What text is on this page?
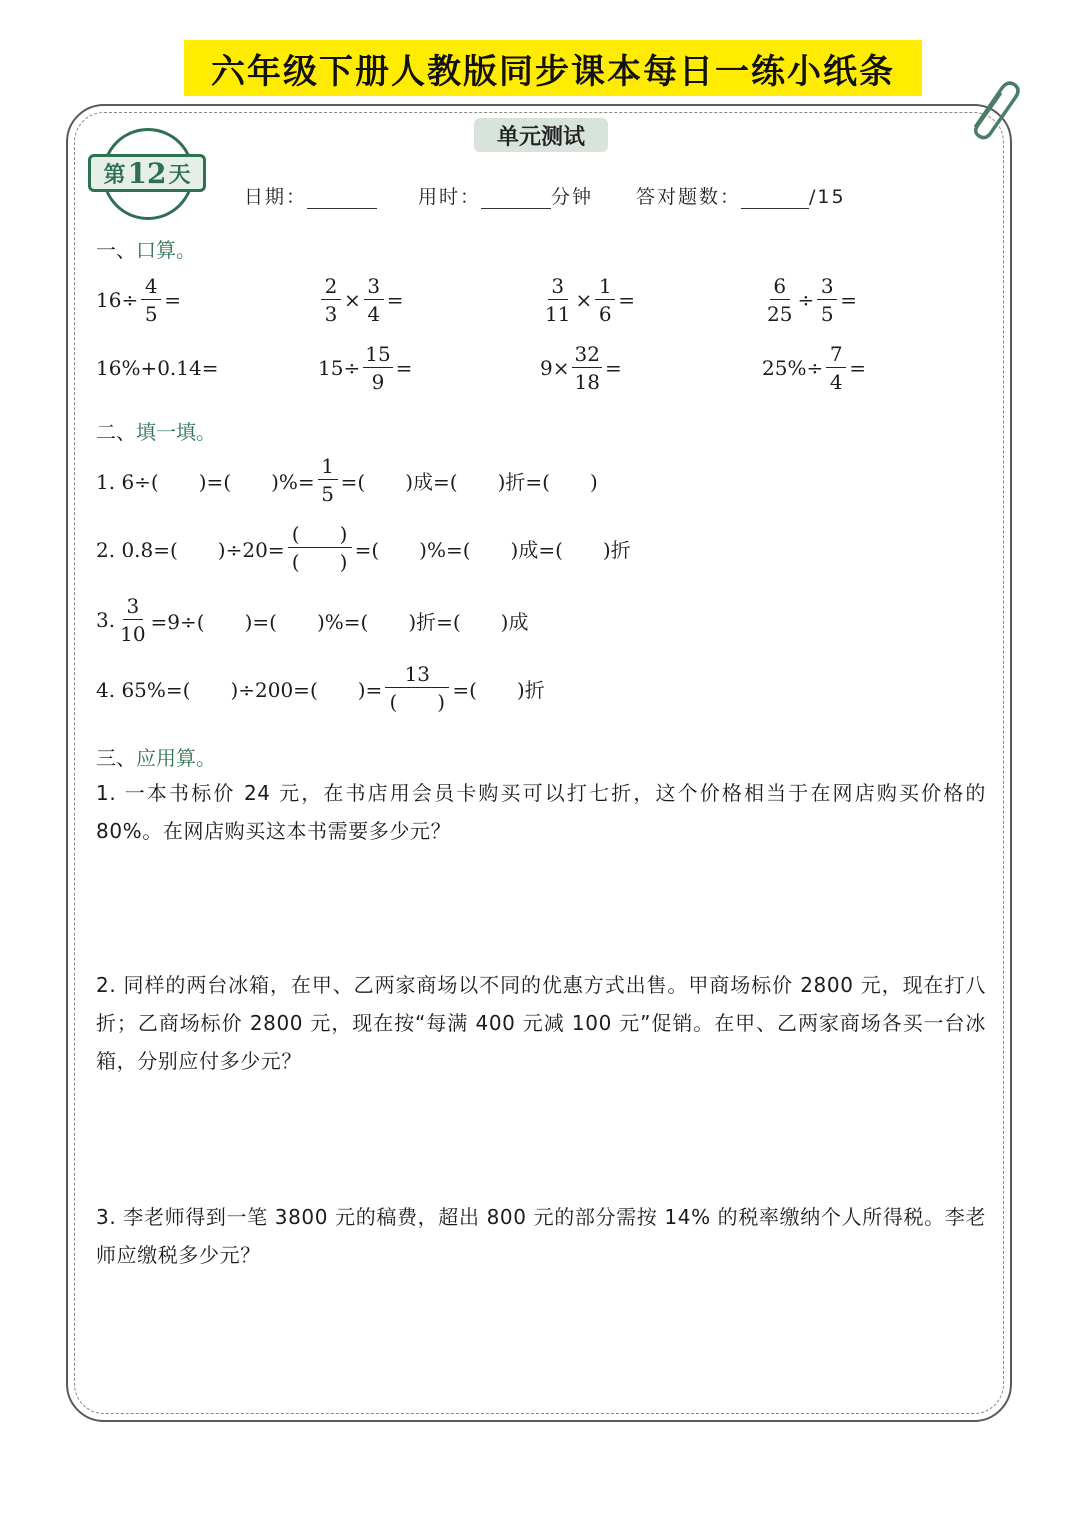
六年级下册人教版同步课本每日一练小纸条
单元测试
第 12 天
日期：	用时：	分钟 答对题数：	/15
一、口算。
$16\div \frac{4}{5}$ =	$\frac{2}{3} \times \frac{3}{4}$ =	$\frac{3}{11} \times \frac{1}{6}$ =	$\frac{6}{25} \div \frac{3}{5}$ =
16%+0.14=	$15\div \frac{15}{9}$ =	$9\times \frac{32}{18}$ =	$25\%\div \frac{7}{4}$ =
二、填一填。
1. 6÷(　　)=(　　)%= $\frac{1}{5}$ =(　　) 成 =(　　) 折 =(　　)
2. 0.8=(　　)$\div 20= \frac{( )}{( )}$ =(　　)%=(　　) 成 =(　　) 折
3. $\frac{3}{10} =9\div$(　　)=(　　)%=(　　) 折 =(　　) 成
4. 65%=(　　)÷200=(　　)= $\frac{13}{( )}$ =(　　) 折
三、应用算。
1. 一本书标价 24 元，在书店用会员卡购买可以打七折，这个价格相当于在网店购买价格的 80%。在网店购买这本书需要多少元？
2. 同样的两台冰箱，在甲、乙两家商场以不同的优惠方式出售。甲商场标价 2800 元，现在打八折；乙商场标价 2800 元，现在按“每满 400 元减 100 元”促销。在甲、乙两家商场各买一台冰箱，分别应付多少元？
3. 李老师得到一笔 3800 元的稿费，超出 800 元的部分需按 14% 的税率缴纳个人所得税。李老师应缴税多少元？
